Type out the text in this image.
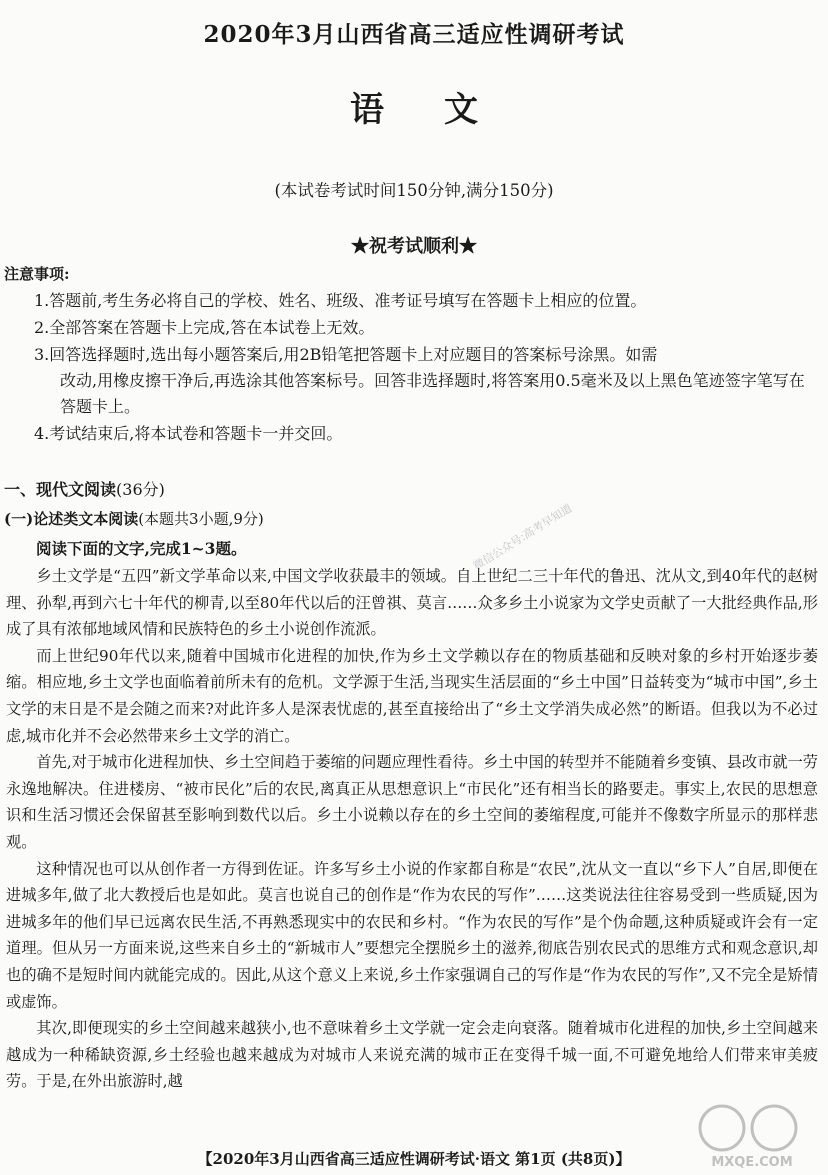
2020年3月山西省高三适应性调研考试
语文
(本试卷考试时间150分钟,满分150分)
★祝考试顺利★
注意事项:
1.答题前,考生务必将自己的学校、姓名、班级、准考证号填写在答题卡上相应的位置。
2.全部答案在答题卡上完成,答在本试卷上无效。
3.回答选择题时,选出每小题答案后,用2B铅笔把答题卡上对应题目的答案标号涂黑。如需
改动,用橡皮擦干净后,再选涂其他答案标号。回答非选择题时,将答案用0.5毫米及以上黑色笔迹签字笔写在答题卡上。
4.考试结束后,将本试卷和答题卡一并交回。
一、现代文阅读(36分)
(一)论述类文本阅读(本题共3小题,9分)
阅读下面的文字,完成1~3题。

乡土文学是“五四”新文学革命以来,中国文学收获最丰的领域。自上世纪二三十年代的鲁迅、沈从文,到40年代的赵树理、孙犁,再到六七十年代的柳青,以至80年代以后的汪曾祺、莫言……众多乡土小说家为文学史贡献了一大批经典作品,形成了具有浓郁地域风情和民族特色的乡土小说创作流派。

而上世纪90年代以来,随着中国城市化进程的加快,作为乡土文学赖以存在的物质基础和反映对象的乡村开始逐步萎缩。相应地,乡土文学也面临着前所未有的危机。文学源于生活,当现实生活层面的“乡土中国”日益转变为“城市中国”,乡土文学的末日是不是会随之而来?对此许多人是深表忧虑的,甚至直接给出了“乡土文学消失成必然”的断语。但我以为不必过虑,城市化并不会必然带来乡土文学的消亡。

首先,对于城市化进程加快、乡土空间趋于萎缩的问题应理性看待。乡土中国的转型并不能随着乡变镇、县改市就一劳永逸地解决。住进楼房、“被市民化”后的农民,离真正从思想意识上“市民化”还有相当长的路要走。事实上,农民的思想意识和生活习惯还会保留甚至影响到数代以后。乡土小说赖以存在的乡土空间的萎缩程度,可能并不像数字所显示的那样悲观。

这种情况也可以从创作者一方得到佐证。许多写乡土小说的作家都自称是“农民”,沈从文一直以“乡下人”自居,即便在进城多年,做了北大教授后也是如此。莫言也说自己的创作是“作为农民的写作”……这类说法往往容易受到一些质疑,因为进城多年的他们早已远离农民生活,不再熟悉现实中的农民和乡村。“作为农民的写作”是个伪命题,这种质疑或许会有一定道理。但从另一方面来说,这些来自乡土的“新城市人”要想完全摆脱乡土的滋养,彻底告别农民式的思维方式和观念意识,却也的确不是短时间内就能完成的。因此,从这个意义上来说,乡土作家强调自己的写作是“作为农民的写作”,又不完全是矫情或虚饰。

其次,即便现实的乡土空间越来越狭小,也不意味着乡土文学就一定会走向衰落。随着城市化进程的加快,乡土空间越来越成为一种稀缺资源,乡土经验也越来越成为对城市人来说充满的城市正在变得千城一面,不可避免地给人们带来审美疲劳。于是,在外出旅游时,越

微信公众号:高考早知道
MXQE.COM
【2020年3月山西省高三适应性调研考试·语文 第1页 (共8页)】
